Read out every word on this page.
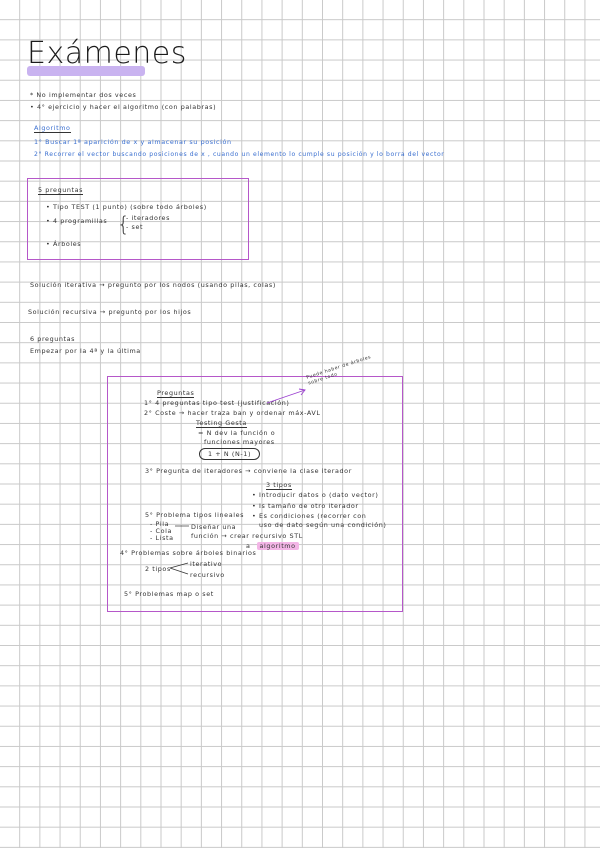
Exámenes
* No implementar dos veces
• 4° ejercicio y hacer el algoritmo (con palabras)
Algoritmo
1° Buscar 1ª aparición de x y almacenar su posición
2° Recorrer el vector buscando posiciones de x , cuando un elemento lo cumple su posición y lo borra del vector
5 preguntas
• Tipo TEST (1 punto) (sobre todo árboles)
• 4 programillas {
- iteradores
- set
• Árboles
Solución iterativa → pregunto por los nodos (usando pilas, colas)
Solución recursiva → pregunto por los hijos
6 preguntas
Empezar por la 4ª y la última
Preguntas
Puede haber de árboles sobre todo
1° 4 preguntas tipo test (justificación)
2° Coste → hacer traza ban y ordenar máx-AVL
Testing Gesta
= N dev la función o
funciones mayores
1 + N (N-1)
3° Pregunta de iteradores → conviene la clase iterador
3 tipos
• Introducir datos o (dato vector)
• Is tamaño de otro iterador
• Es condiciones (recorrer con
uso de dato según una condición)
5° Problema tipos lineales
- Pila
- Cola
- Lista
Diseñar una
función → crear recursivo STL
a algoritmo
4° Problemas sobre árboles binarios
2 tipos
iterativo
recursivo
5° Problemas map o set
